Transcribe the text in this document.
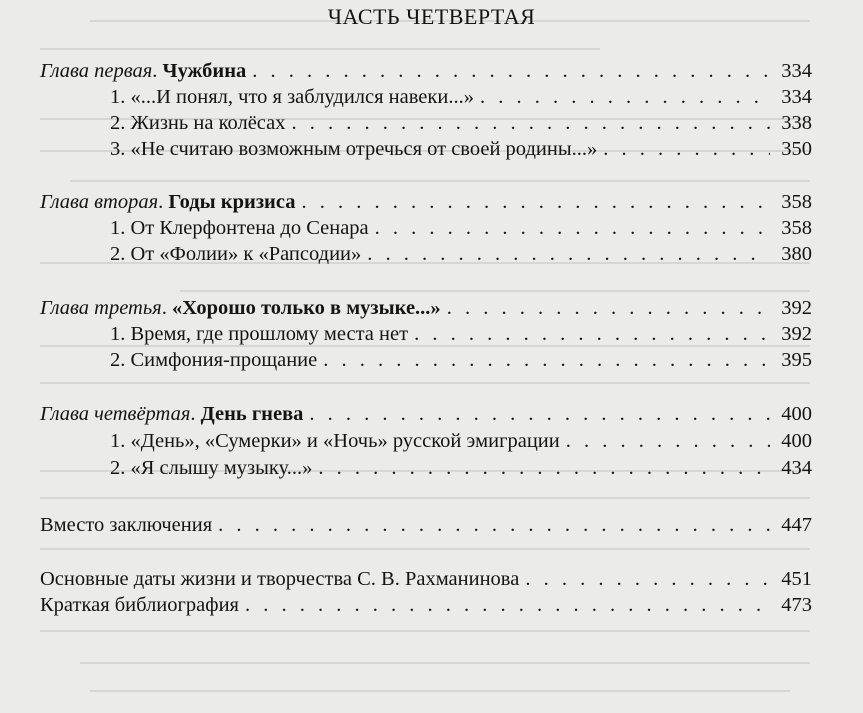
ЧАСТЬ ЧЕТВЕРТАЯ
Глава первая. Чужбина . . .	334
1. «...И понял, что я заблудился навеки...» . . .	334
2. Жизнь на колёсах . . .	338
3. «Не считаю возможным отречься от своей родины...» . . .	350
Глава вторая. Годы кризиса . . .	358
1. От Клерфонтена до Сенара . . .	358
2. От «Фолии» к «Рапсодии» . . .	380
Глава третья. «Хорошо только в музыке...» . . .	392
1. Время, где прошлому места нет . . .	392
2. Симфония-прощание . . .	395
Глава четвёртая. День гнева . . .	400
1. «День», «Сумерки» и «Ночь» русской эмиграции . . .	400
2. «Я слышу музыку...» . . .	434
Вместо заключения . . .	447
Основные даты жизни и творчества С. В. Рахманинова . . .	451
Краткая библиография . . .	473
